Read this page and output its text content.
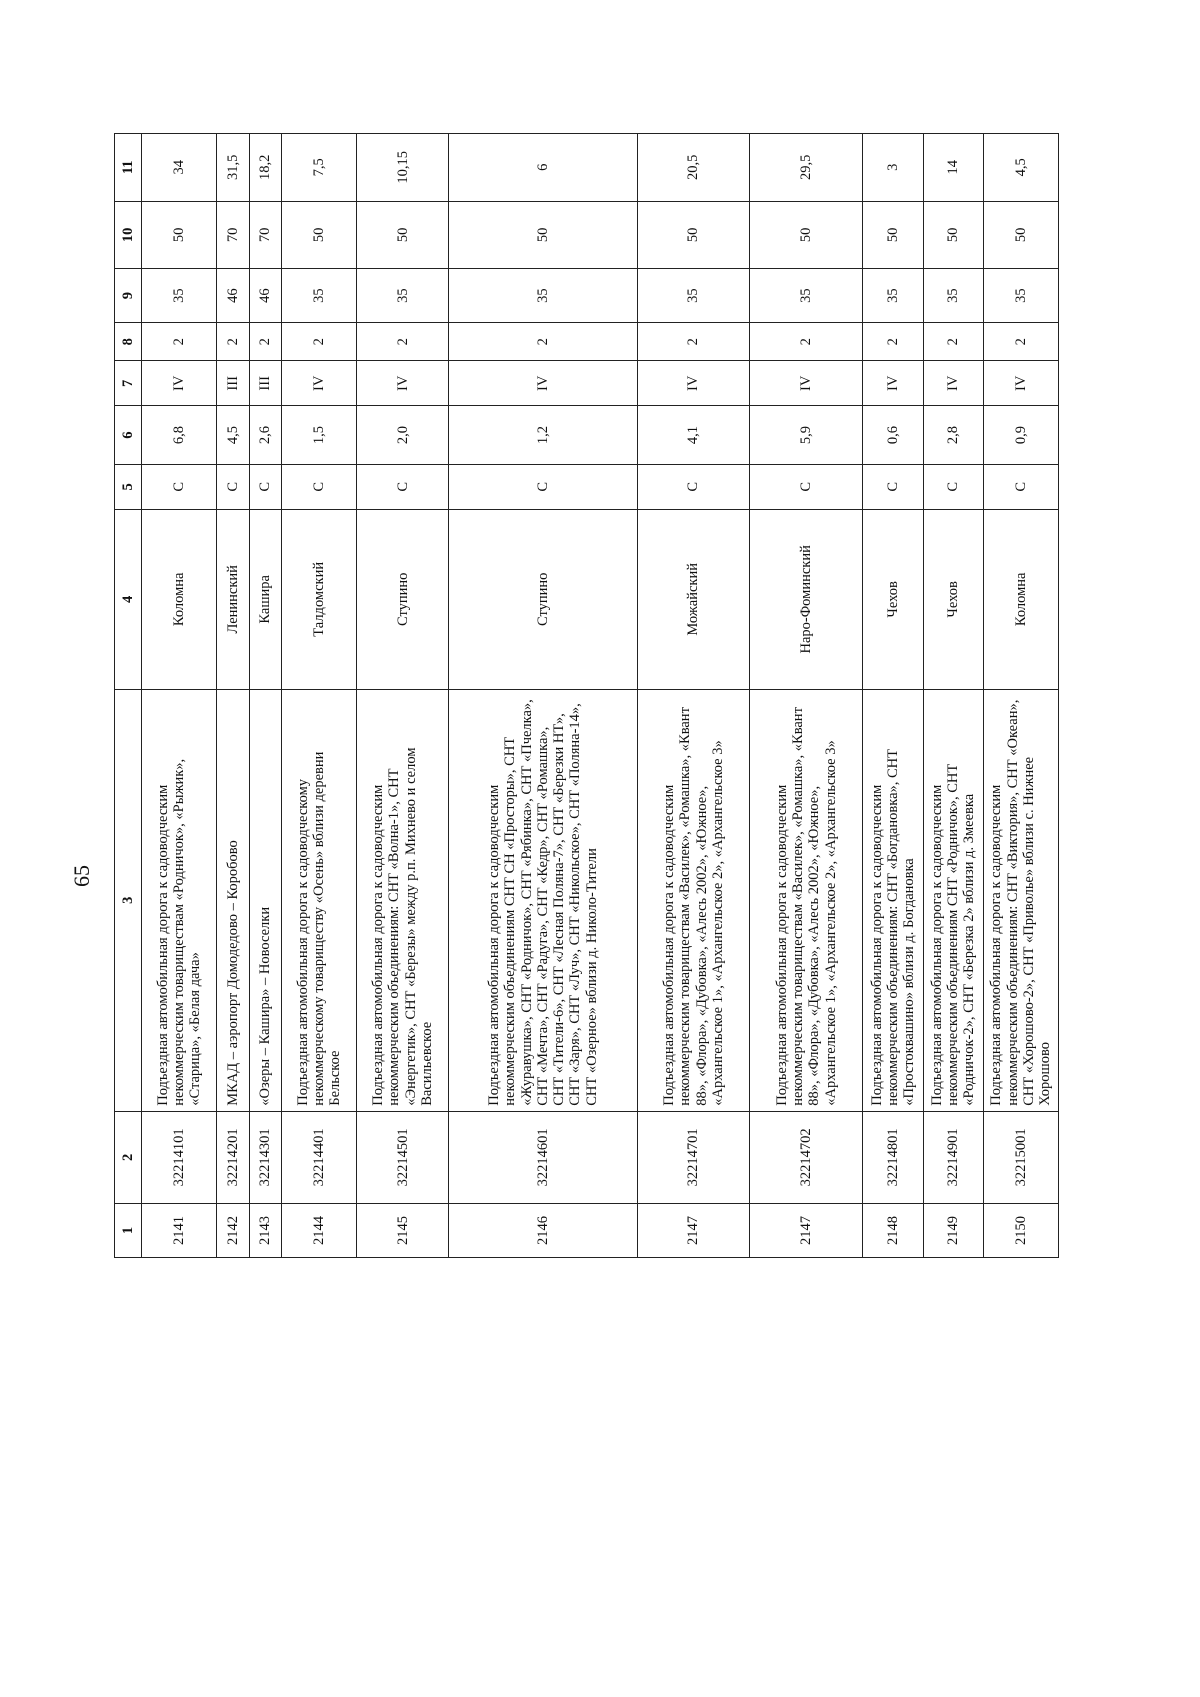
65
1	2	3	4	5	6	7	8	9	10	11
2141	32214101	Подъездная автомобильная дорога к садоводческим некоммерческим товариществам «Родничок», «Рыжик», «Старица», «Белая дача»	Коломна	С	6,8	IV	2	35	50	34
2142	32214201	МКАД – аэропорт Домодедово – Коробово	Ленинский	С	4,5	III	2	46	70	31,5
2143	32214301	«Озеры – Кашира» – Новоселки	Кашира	С	2,6	III	2	46	70	18,2
2144	32214401	Подъездная автомобильная дорога к садоводческому некоммерческому товариществу «Осень» вблизи деревни Бельское	Талдомский	С	1,5	IV	2	35	50	7,5
2145	32214501	Подъездная автомобильная дорога к садоводческим некоммерческим объединениям: СНТ «Волна-1», СНТ «Энергетик», СНТ «Березы» между р.п. Михнево и селом Васильевское	Ступино	С	2,0	IV	2	35	50	10,15
2146	32214601	Подъездная автомобильная дорога к садоводческим некоммерческим объединениям СНТ СН «Просторы», СНТ «Журавушка», СНТ «Родничок», СНТ «Рябинка», СНТ «Пчелка», СНТ «Мечта», СНТ «Радуга», СНТ «Кедр», СНТ «Ромашка», СНТ «Тители-6», СНТ «Лесная Поляна-7», СНТ «Березки НТ», СНТ «Заря», СНТ «Луч», СНТ «Никольское», СНТ «Поляна-14», СНТ «Озерное» вблизи д. Николо-Тители	Ступино	С	1,2	IV	2	35	50	6
2147	32214701	Подъездная автомобильная дорога к садоводческим некоммерческим товариществам «Василек», «Ромашка», «Квант 88», «Флора», «Дубовка», «Алесь 2002», «Южное», «Архангельское 1», «Архангельское 2», «Архангельское 3»	Можайский	С	4,1	IV	2	35	50	20,5
2147	32214702	Подъездная автомобильная дорога к садоводческим некоммерческим товариществам «Василек», «Ромашка», «Квант 88», «Флора», «Дубовка», «Алесь 2002», «Южное», «Архангельское 1», «Архангельское 2», «Архангельское 3»	Наро-Фоминский	С	5,9	IV	2	35	50	29,5
2148	32214801	Подъездная автомобильная дорога к садоводческим некоммерческим объединениям: СНТ «Богдановка», СНТ «Простоквашино» вблизи д. Богдановка	Чехов	С	0,6	IV	2	35	50	3
2149	32214901	Подъездная автомобильная дорога к садоводческим некоммерческим объединениям СНТ «Родничок», СНТ «Родничок-2», СНТ «Березка 2» вблизи д. Змеевка	Чехов	С	2,8	IV	2	35	50	14
2150	32215001	Подъездная автомобильная дорога к садоводческим некоммерческим объединениям: СНТ «Виктория», СНТ «Океан», СНТ «Хорошово-2», СНТ «Приволье» вблизи с. Нижнее Хорошово	Коломна	С	0,9	IV	2	35	50	4,5
